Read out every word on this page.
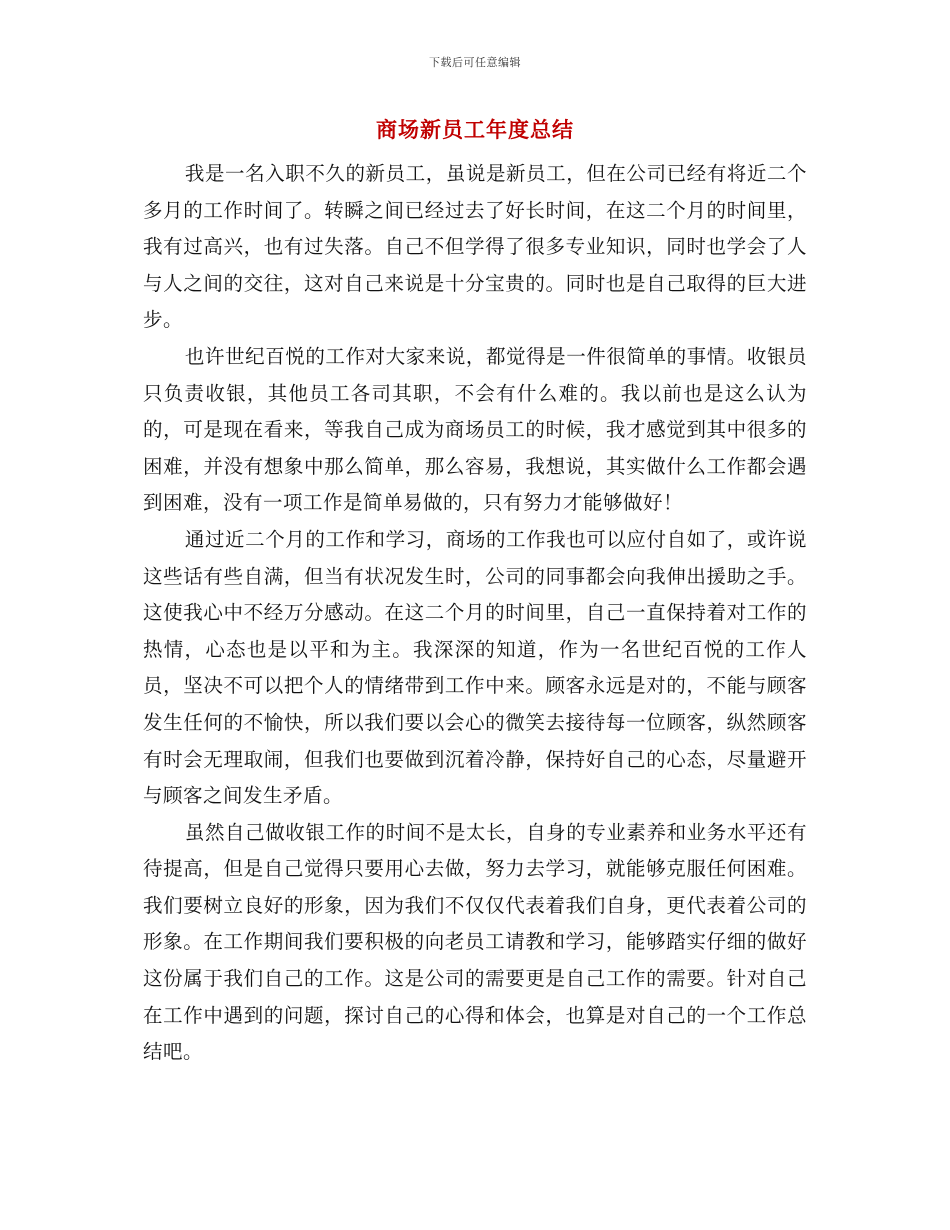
下载后可任意编辑
商场新员工年度总结

我是一名入职不久的新员工，虽说是新员工，但在公司已经有将近二个多月的工作时间了。转瞬之间已经过去了好长时间，在这二个月的时间里，我有过高兴，也有过失落。自己不但学得了很多专业知识，同时也学会了人与人之间的交往，这对自己来说是十分宝贵的。同时也是自己取得的巨大进步。

也许世纪百悦的工作对大家来说，都觉得是一件很简单的事情。收银员只负责收银，其他员工各司其职，不会有什么难的。我以前也是这么认为的，可是现在看来，等我自己成为商场员工的时候，我才感觉到其中很多的困难，并没有想象中那么简单，那么容易，我想说，其实做什么工作都会遇到困难，没有一项工作是简单易做的，只有努力才能够做好！

通过近二个月的工作和学习，商场的工作我也可以应付自如了，或许说这些话有些自满，但当有状况发生时，公司的同事都会向我伸出援助之手。这使我心中不经万分感动。在这二个月的时间里，自己一直保持着对工作的热情，心态也是以平和为主。我深深的知道，作为一名世纪百悦的工作人员，坚决不可以把个人的情绪带到工作中来。顾客永远是对的，不能与顾客发生任何的不愉快，所以我们要以会心的微笑去接待每一位顾客，纵然顾客有时会无理取闹，但我们也要做到沉着冷静，保持好自己的心态，尽量避开与顾客之间发生矛盾。

虽然自己做收银工作的时间不是太长，自身的专业素养和业务水平还有待提高，但是自己觉得只要用心去做，努力去学习，就能够克服任何困难。我们要树立良好的形象，因为我们不仅仅代表着我们自身，更代表着公司的形象。在工作期间我们要积极的向老员工请教和学习，能够踏实仔细的做好这份属于我们自己的工作。这是公司的需要更是自己工作的需要。针对自己在工作中遇到的问题，探讨自己的心得和体会，也算是对自己的一个工作总结吧。
